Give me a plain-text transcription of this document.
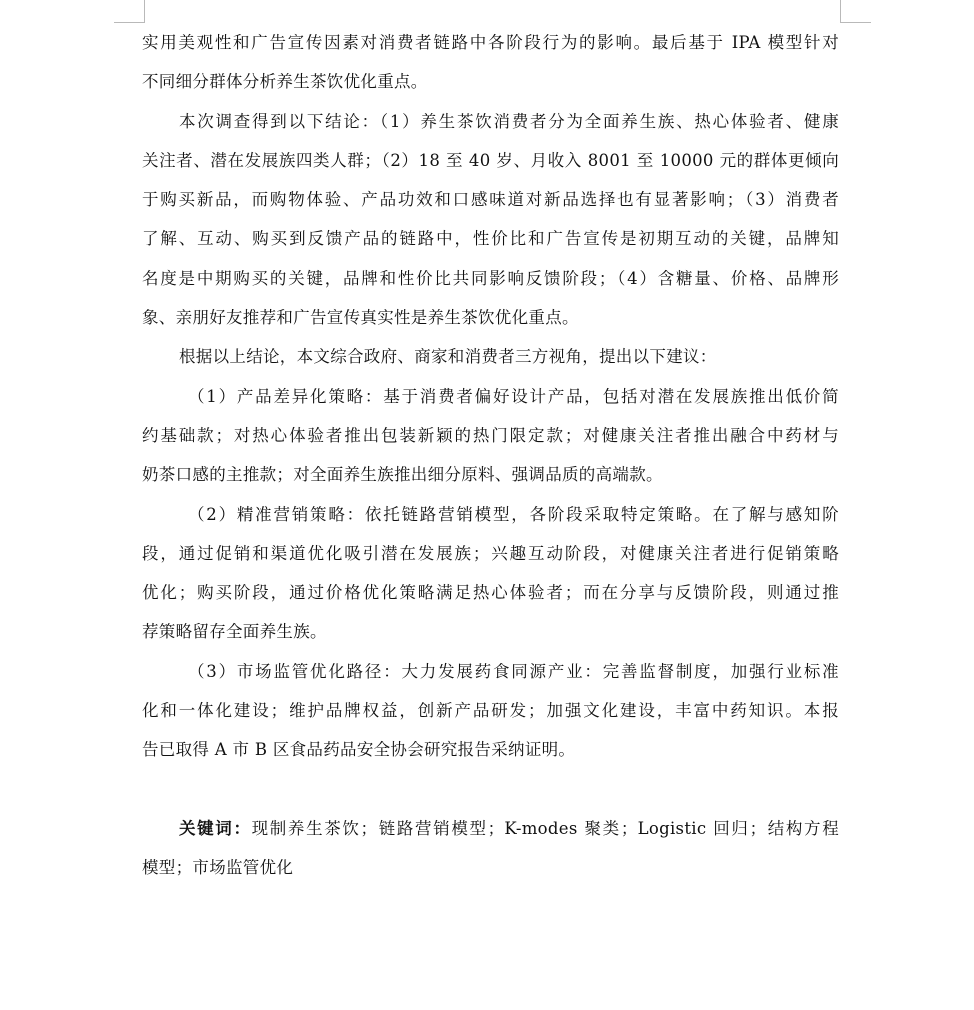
实用美观性和广告宣传因素对消费者链路中各阶段行为的影响。最后基于 IPA 模型针对
不同细分群体分析养生茶饮优化重点。
本次调查得到以下结论：（1）养生茶饮消费者分为全面养生族、热心体验者、健康
关注者、潜在发展族四类人群；（2）18 至 40 岁、月收入 8001 至 10000 元的群体更倾向
于购买新品，而购物体验、产品功效和口感味道对新品选择也有显著影响；（3）消费者
了解、互动、购买到反馈产品的链路中，性价比和广告宣传是初期互动的关键，品牌知
名度是中期购买的关键，品牌和性价比共同影响反馈阶段；（4）含糖量、价格、品牌形
象、亲朋好友推荐和广告宣传真实性是养生茶饮优化重点。
根据以上结论，本文综合政府、商家和消费者三方视角，提出以下建议：
（1）产品差异化策略：基于消费者偏好设计产品，包括对潜在发展族推出低价简
约基础款；对热心体验者推出包装新颖的热门限定款；对健康关注者推出融合中药材与
奶茶口感的主推款；对全面养生族推出细分原料、强调品质的高端款。
（2）精准营销策略：依托链路营销模型，各阶段采取特定策略。在了解与感知阶
段，通过促销和渠道优化吸引潜在发展族；兴趣互动阶段，对健康关注者进行促销策略
优化；购买阶段，通过价格优化策略满足热心体验者；而在分享与反馈阶段，则通过推
荐策略留存全面养生族。
（3）市场监管优化路径：大力发展药食同源产业：完善监督制度，加强行业标准
化和一体化建设；维护品牌权益，创新产品研发；加强文化建设，丰富中药知识。本报
告已取得 A 市 B 区食品药品安全协会研究报告采纳证明。
关键词：现制养生茶饮；链路营销模型；K-modes 聚类；Logistic 回归；结构方程
模型；市场监管优化
